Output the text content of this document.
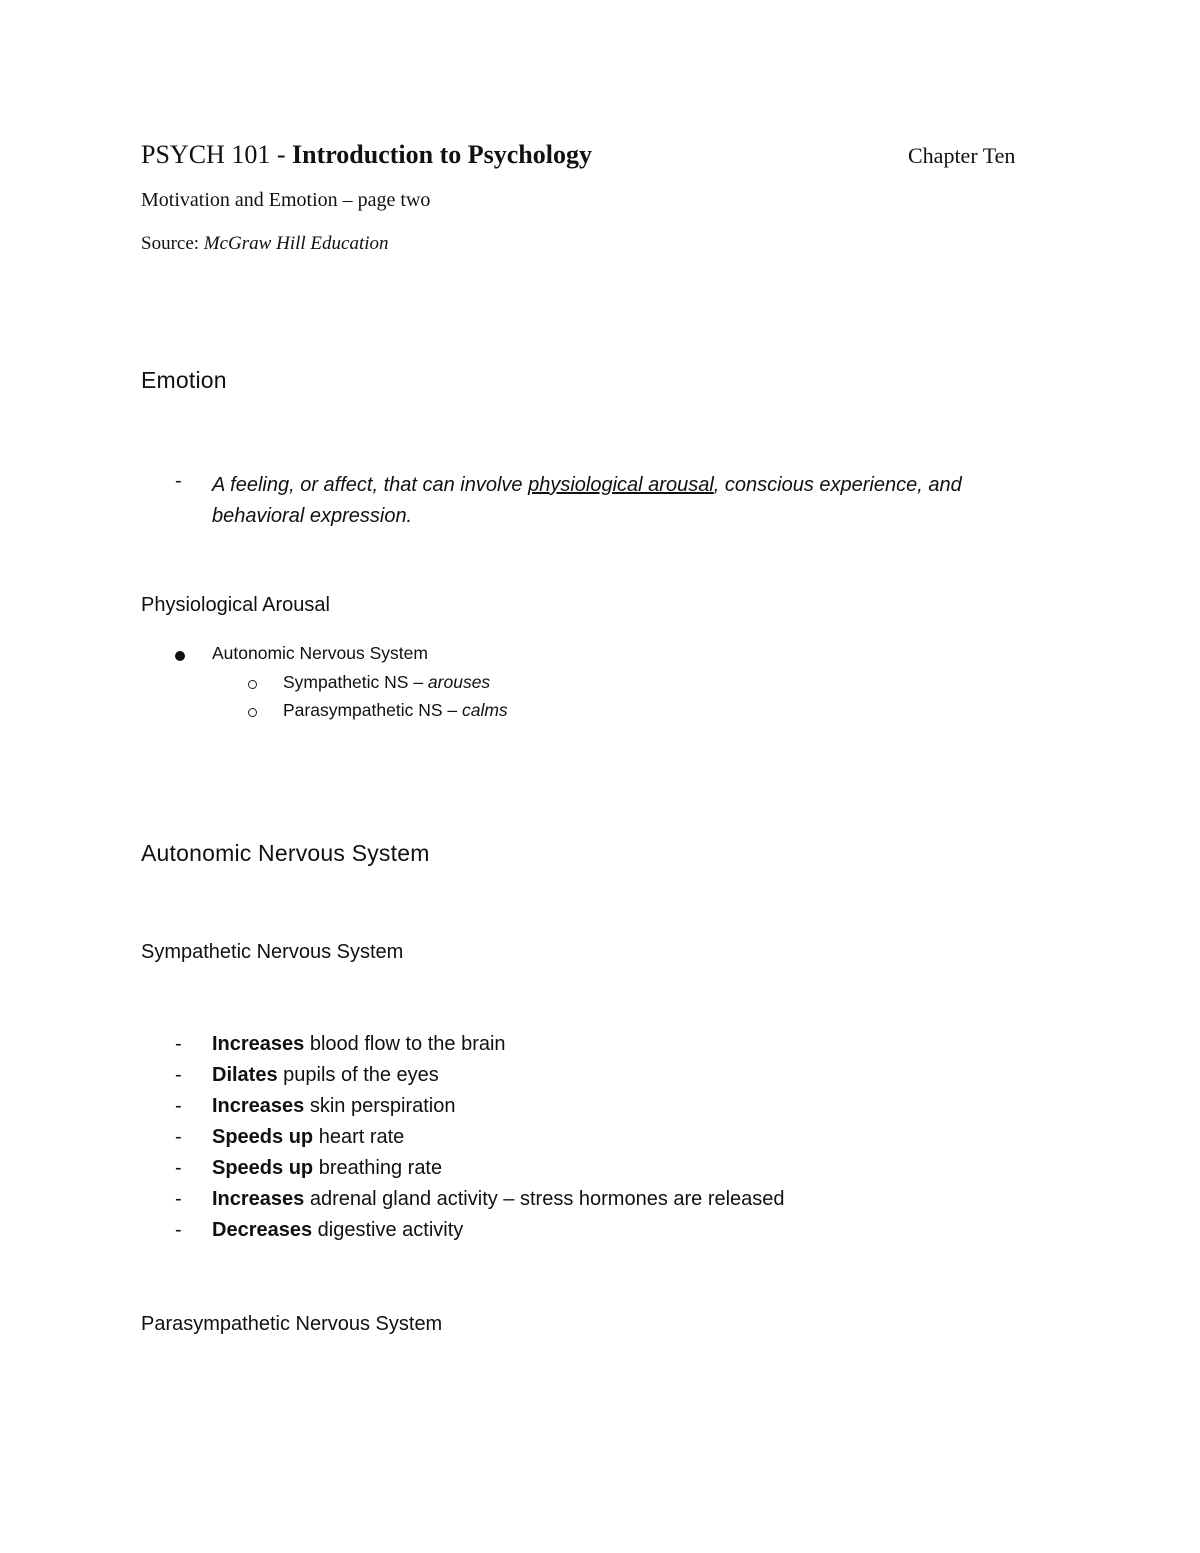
PSYCH 101 - Introduction to Psychology	Chapter Ten
Motivation and Emotion – page two
Source: McGraw Hill Education
Emotion
- A feeling, or affect, that can involve physiological arousal, conscious experience, and behavioral expression.
Physiological Arousal
Autonomic Nervous System
Sympathetic NS – arouses
Parasympathetic NS – calms
Autonomic Nervous System
Sympathetic Nervous System
- Increases blood flow to the brain
- Dilates pupils of the eyes
- Increases skin perspiration
- Speeds up heart rate
- Speeds up breathing rate
- Increases adrenal gland activity – stress hormones are released
- Decreases digestive activity
Parasympathetic Nervous System
